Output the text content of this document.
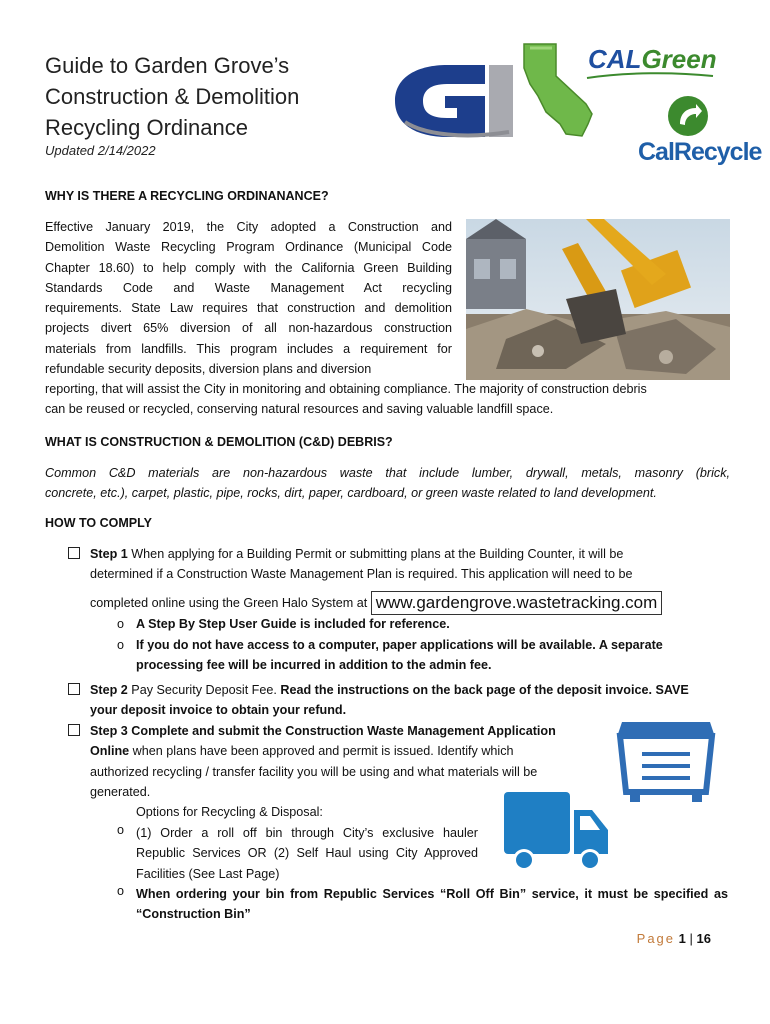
Guide to Garden Grove’s
Construction & Demolition
Recycling Ordinance
Updated 2/14/2022
CALGreen
CalRecycle
WHY IS THERE A RECYCLING ORDINANANCE?
Effective January 2019, the City adopted a Construction and
Demolition Waste Recycling Program Ordinance (Municipal Code
Chapter 18.60) to help comply with the California Green Building
Standards Code and Waste Management Act recycling
requirements. State Law requires that construction and demolition
projects divert 65% diversion of all non-hazardous construction
materials from landfills. This program includes a requirement for
refundable security deposits, diversion plans and diversion
reporting, that will assist the City in monitoring and obtaining compliance. The majority of construction debris
can be reused or recycled, conserving natural resources and saving valuable landfill space.
WHAT IS CONSTRUCTION & DEMOLITION (C&D) DEBRIS?
Common C&D materials are non-hazardous waste that include lumber, drywall, metals, masonry (brick,
concrete, etc.), carpet, plastic, pipe, rocks, dirt, paper, cardboard, or green waste related to land development.
HOW TO COMPLY
Step 1 When applying for a Building Permit or submitting plans at the Building Counter, it will be
determined if a Construction Waste Management Plan is required. This application will need to be
completed online using the Green Halo System at www.gardengrove.wastetracking.com
o A Step By Step User Guide is included for reference.
o If you do not have access to a computer, paper applications will be available. A separate
processing fee will be incurred in addition to the admin fee.
Step 2 Pay Security Deposit Fee. Read the instructions on the back page of the deposit invoice. SAVE
your deposit invoice to obtain your refund.
Step 3 Complete and submit the Construction Waste Management Application
Online when plans have been approved and permit is issued. Identify which
authorized recycling / transfer facility you will be using and what materials will be
generated.
Options for Recycling & Disposal:
o (1) Order a roll off bin through City’s exclusive hauler
Republic Services OR (2) Self Haul using City Approved
Facilities (See Last Page)
o When ordering your bin from Republic Services “Roll Off Bin” service, it must be specified as
“Construction Bin”
Page 1 | 16
